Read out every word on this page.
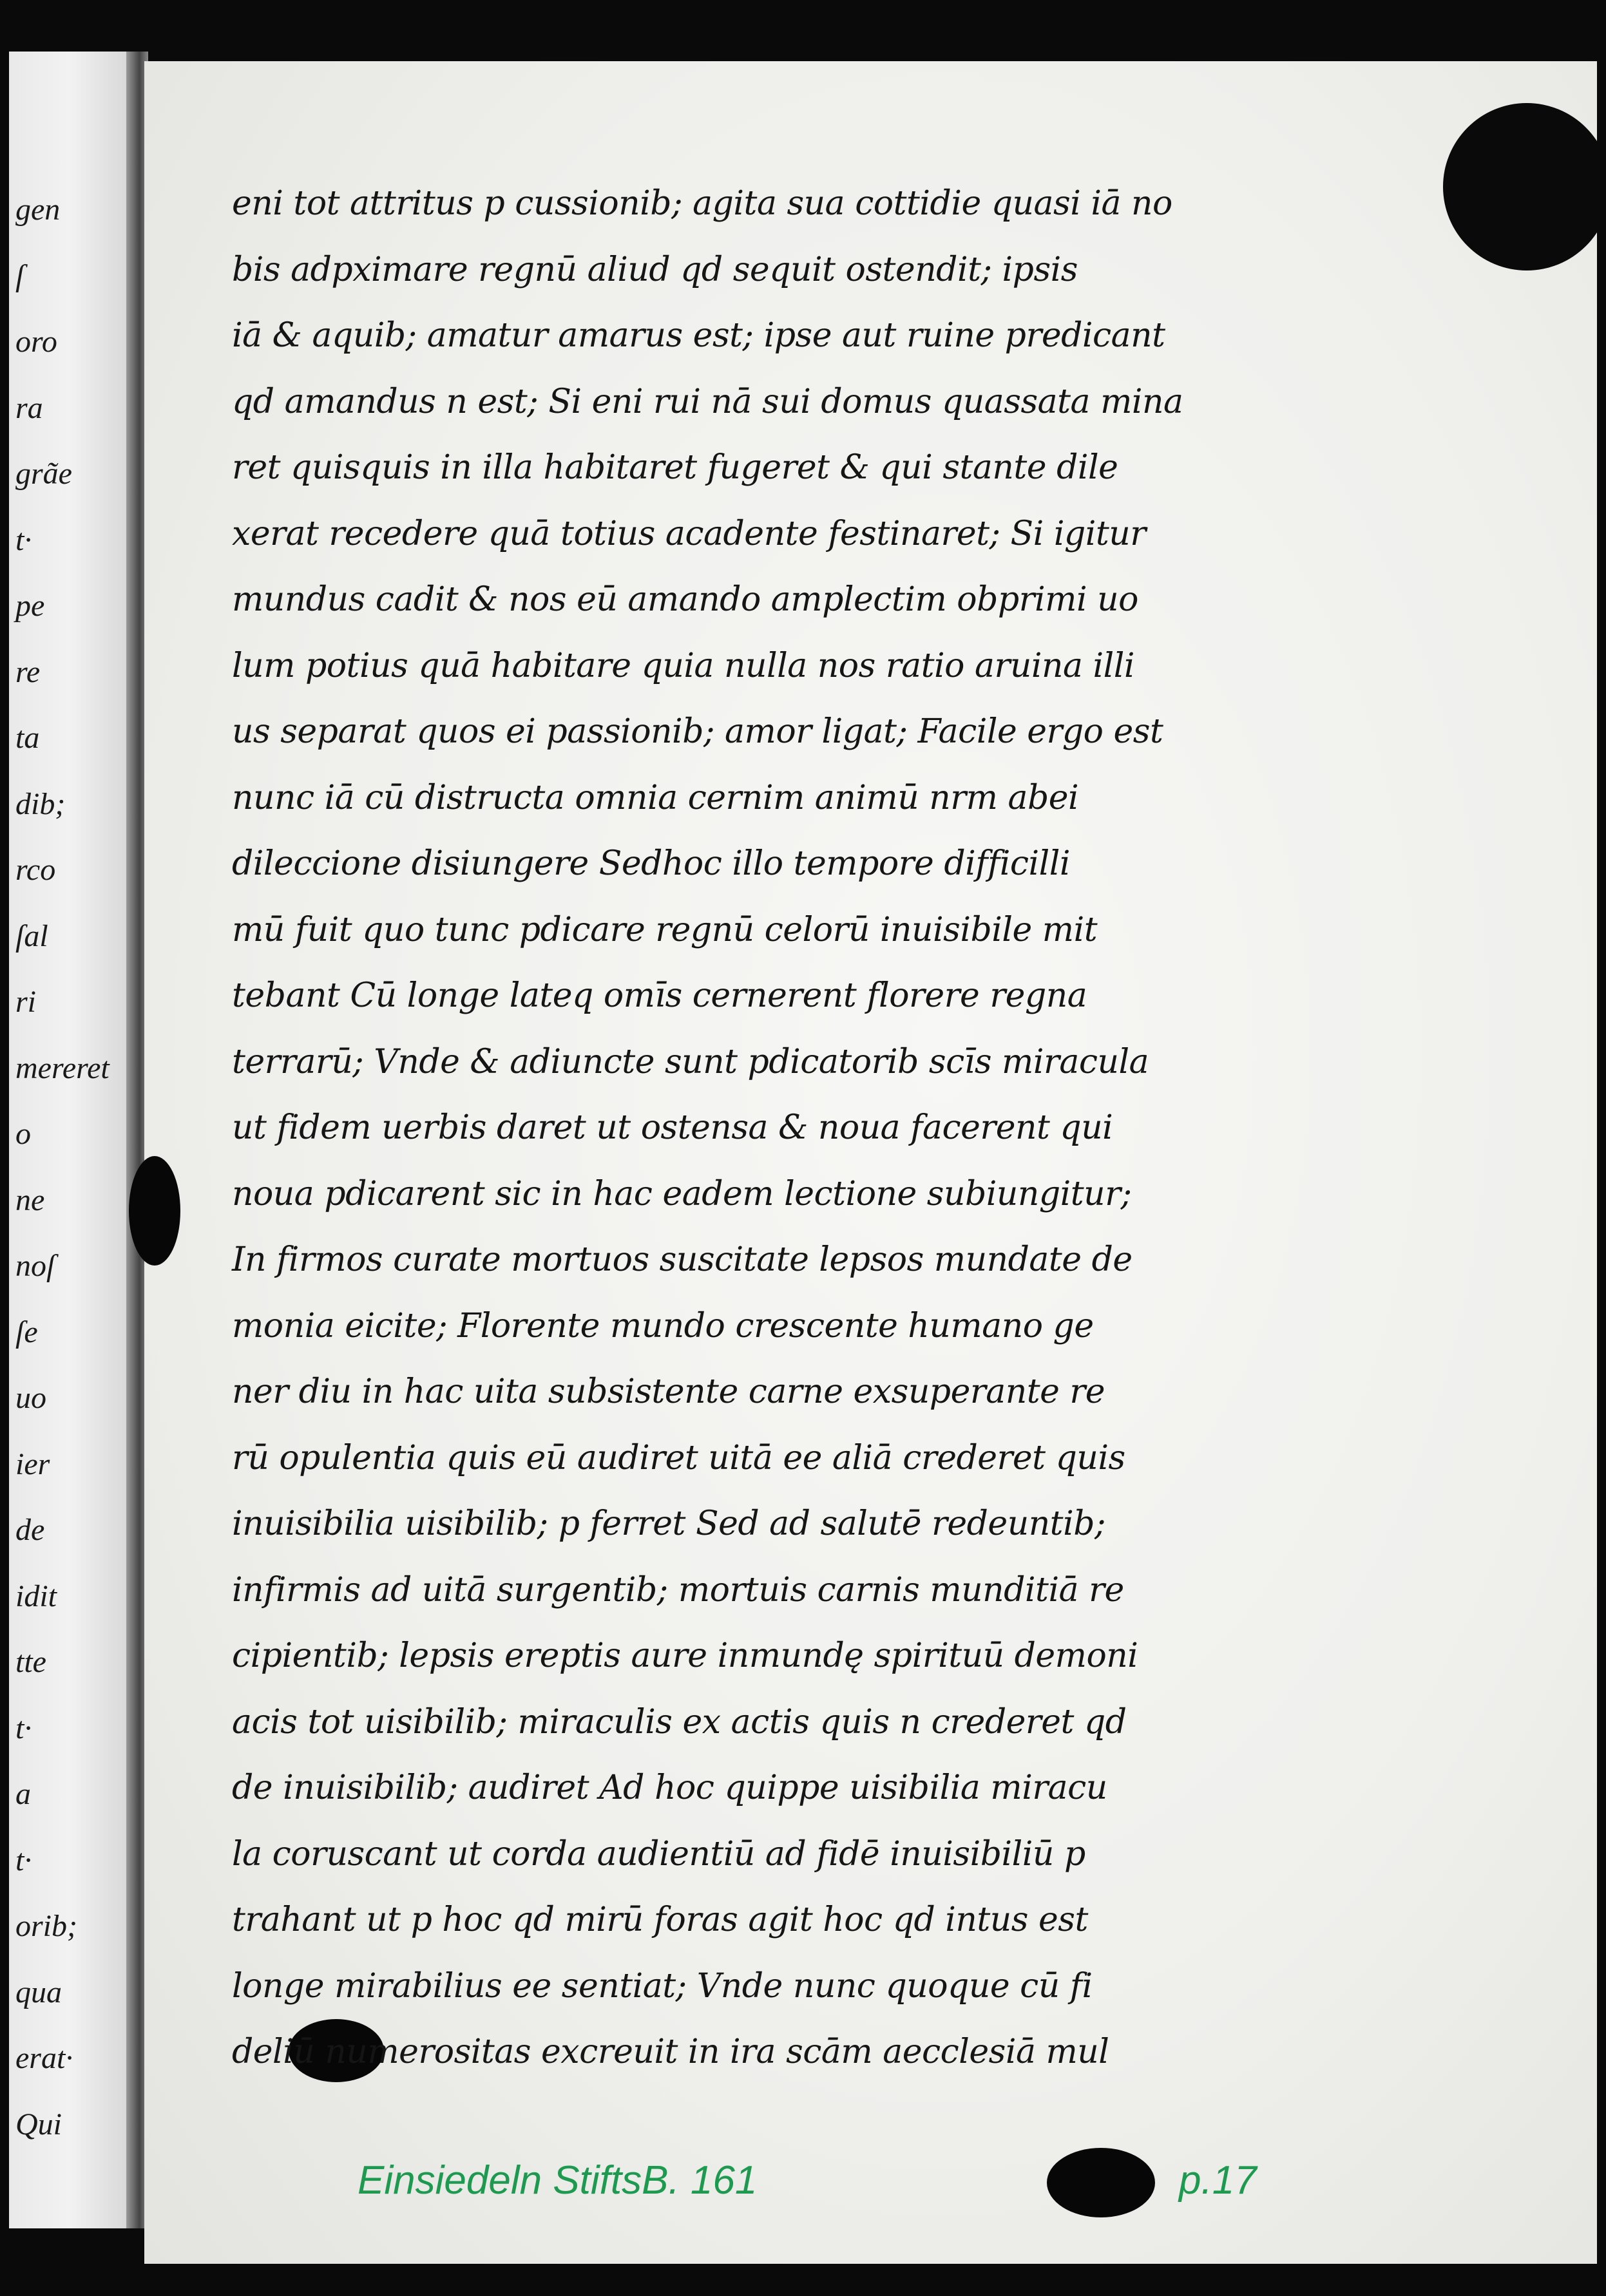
gen
ſ
oro
ra
grãe
t·
pe
re
ta
dib;
rco
ſal
ri
mereret
o
ne
noſ
ſe
uo
ier
de
idit
tte
t·
a
t·
orib;
qua
erat·
Qui
eni tot attritus p cussionib; agita sua cottidie quasi iā no
bis adpximare regnū aliud qd sequit ostendit; ipsis
iā & aquib; amatur amarus est; ipse aut ruine predicant
qd amandus n est; Si eni rui nā sui domus quassata mina
ret quisquis in illa habitaret fugeret & qui stante dile
xerat recedere quā totius acadente festinaret; Si igitur
mundus cadit & nos eū amando amplectim obprimi uo
lum potius quā habitare quia nulla nos ratio aruina illi
us separat quos ei passionib; amor ligat; Facile ergo est
nunc iā cū distructa omnia cernim animū nrm abei
dileccione disiungere Sedhoc illo tempore difficilli
mū fuit quo tunc pdicare regnū celorū inuisibile mit
tebant Cū longe lateq omīs cernerent florere regna
terrarū; Vnde & adiuncte sunt pdicatorib scīs miracula
ut fidem uerbis daret ut ostensa & noua facerent qui
noua pdicarent sic in hac eadem lectione subiungitur;
In firmos curate mortuos suscitate lepsos mundate de
monia eicite; Florente mundo crescente humano ge
ner diu in hac uita subsistente carne exsuperante re
rū opulentia quis eū audiret uitā ee aliā crederet quis
inuisibilia uisibilib; p ferret Sed ad salutē redeuntib;
infirmis ad uitā surgentib; mortuis carnis munditiā re
cipientib; lepsis ereptis aure inmundę spirituū demoni
acis tot uisibilib; miraculis ex actis quis n crederet qd
de inuisibilib; audiret Ad hoc quippe uisibilia miracu
la coruscant ut corda audientiū ad fidē inuisibiliū p
trahant ut p hoc qd mirū foras agit hoc qd intus est
longe mirabilius ee sentiat; Vnde nunc quoque cū fi
deliū numerositas excreuit in ira scām aecclesiā mul
Einsiedeln StiftsB. 161	p.17
